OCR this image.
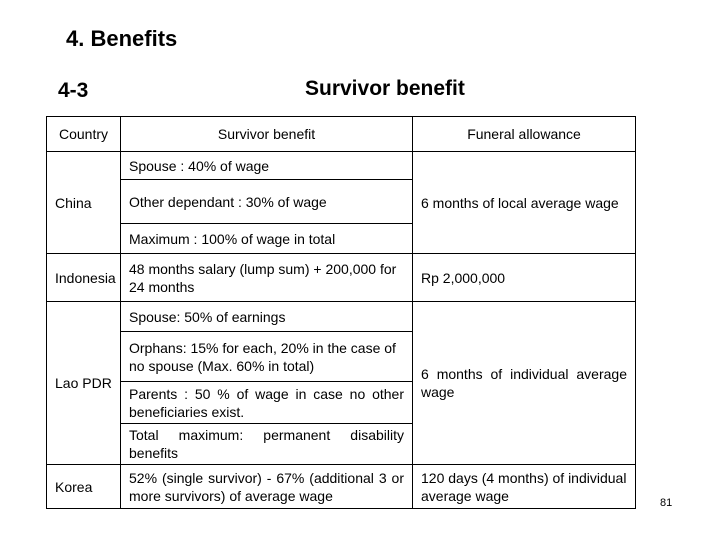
4. Benefits
4-3	Survivor benefit
Country	Survivor benefit	Funeral allowance
China	Spouse : 40% of wage	6 months of local average wage
	Other dependant : 30% of wage	
	Maximum : 100% of wage in total	
Indonesia	48 months salary (lump sum) + 200,000 for 24 months	Rp 2,000,000
Lao PDR	Spouse: 50% of earnings	6 months of individual average wage
	Orphans: 15% for each, 20% in the case of no spouse (Max. 60% in total)	
	Parents : 50 % of wage in case no other beneficiaries exist.	
	Total maximum: permanent disability benefits	
Korea	52% (single survivor) - 67% (additional 3 or more survivors) of average wage	120 days (4 months) of individual average wage	81
